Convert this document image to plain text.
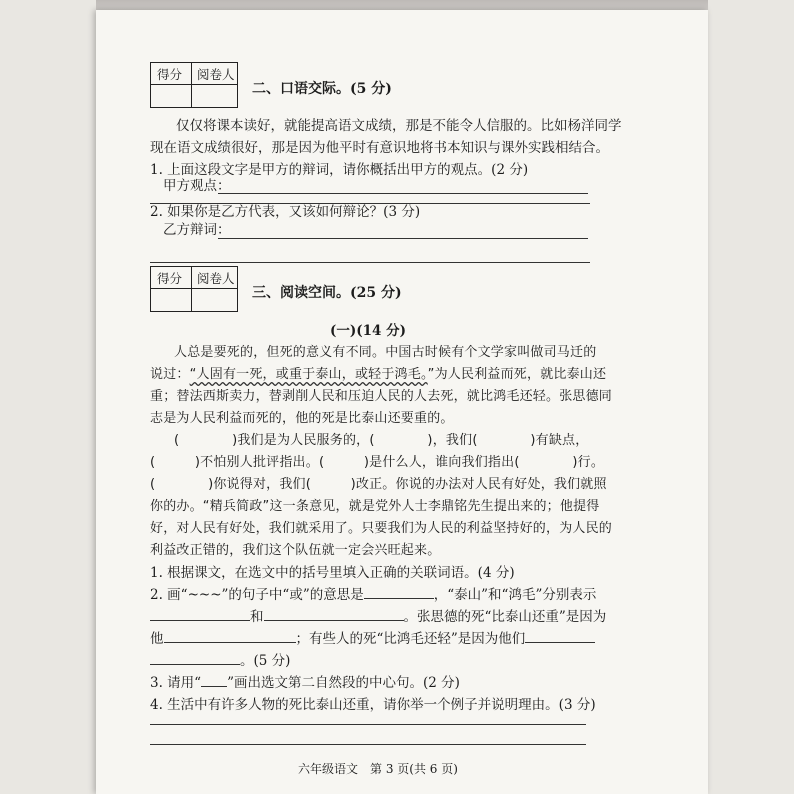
得分 阅卷人
二、口语交际。(5 分)
仅仅将课本读好，就能提高语文成绩，那是不能令人信服的。比如杨洋同学
现在语文成绩很好，那是因为他平时有意识地将书本知识与课外实践相结合。
1. 上面这段文字是甲方的辩词，请你概括出甲方的观点。(2 分)
甲方观点：
2. 如果你是乙方代表，又该如何辩论？(3 分)
乙方辩词：
得分 阅卷人
三、阅读空间。(25 分)
(一)(14 分)
人总是要死的，但死的意义有不同。中国古时候有个文学家叫做司马迁的
说过：“人固有一死，或重于泰山，或轻于鸿毛。”为人民利益而死，就比泰山还
重；替法西斯卖力，替剥削人民和压迫人民的人去死，就比鸿毛还轻。张思德同
志是为人民利益而死的，他的死是比泰山还要重的。
(　　　　)我们是为人民服务的，(　　　　)，我们(　　　　)有缺点，
(　　　)不怕别人批评指出。(　　　)是什么人，谁向我们指出(　　　　)行。
(　　　　)你说得对，我们(　　　)改正。你说的办法对人民有好处，我们就照
你的办。“精兵简政”这一条意见，就是党外人士李鼎铭先生提出来的；他提得
好，对人民有好处，我们就采用了。只要我们为人民的利益坚持好的，为人民的
利益改正错的，我们这个队伍就一定会兴旺起来。
1. 根据课文，在选文中的括号里填入正确的关联词语。(4 分)
2. 画“~~~”的句子中“或”的意思是	，“泰山”和“鸿毛”分别表示
和	。张思德的死“比泰山还重”是因为
他	；有些人的死“比鸿毛还轻”是因为他们
。(5 分)
3. 请用“ ”画出选文第二自然段的中心句。(2 分)
4. 生活中有许多人物的死比泰山还重，请你举一个例子并说明理由。(3 分)
六年级语文　第 3 页(共 6 页)
